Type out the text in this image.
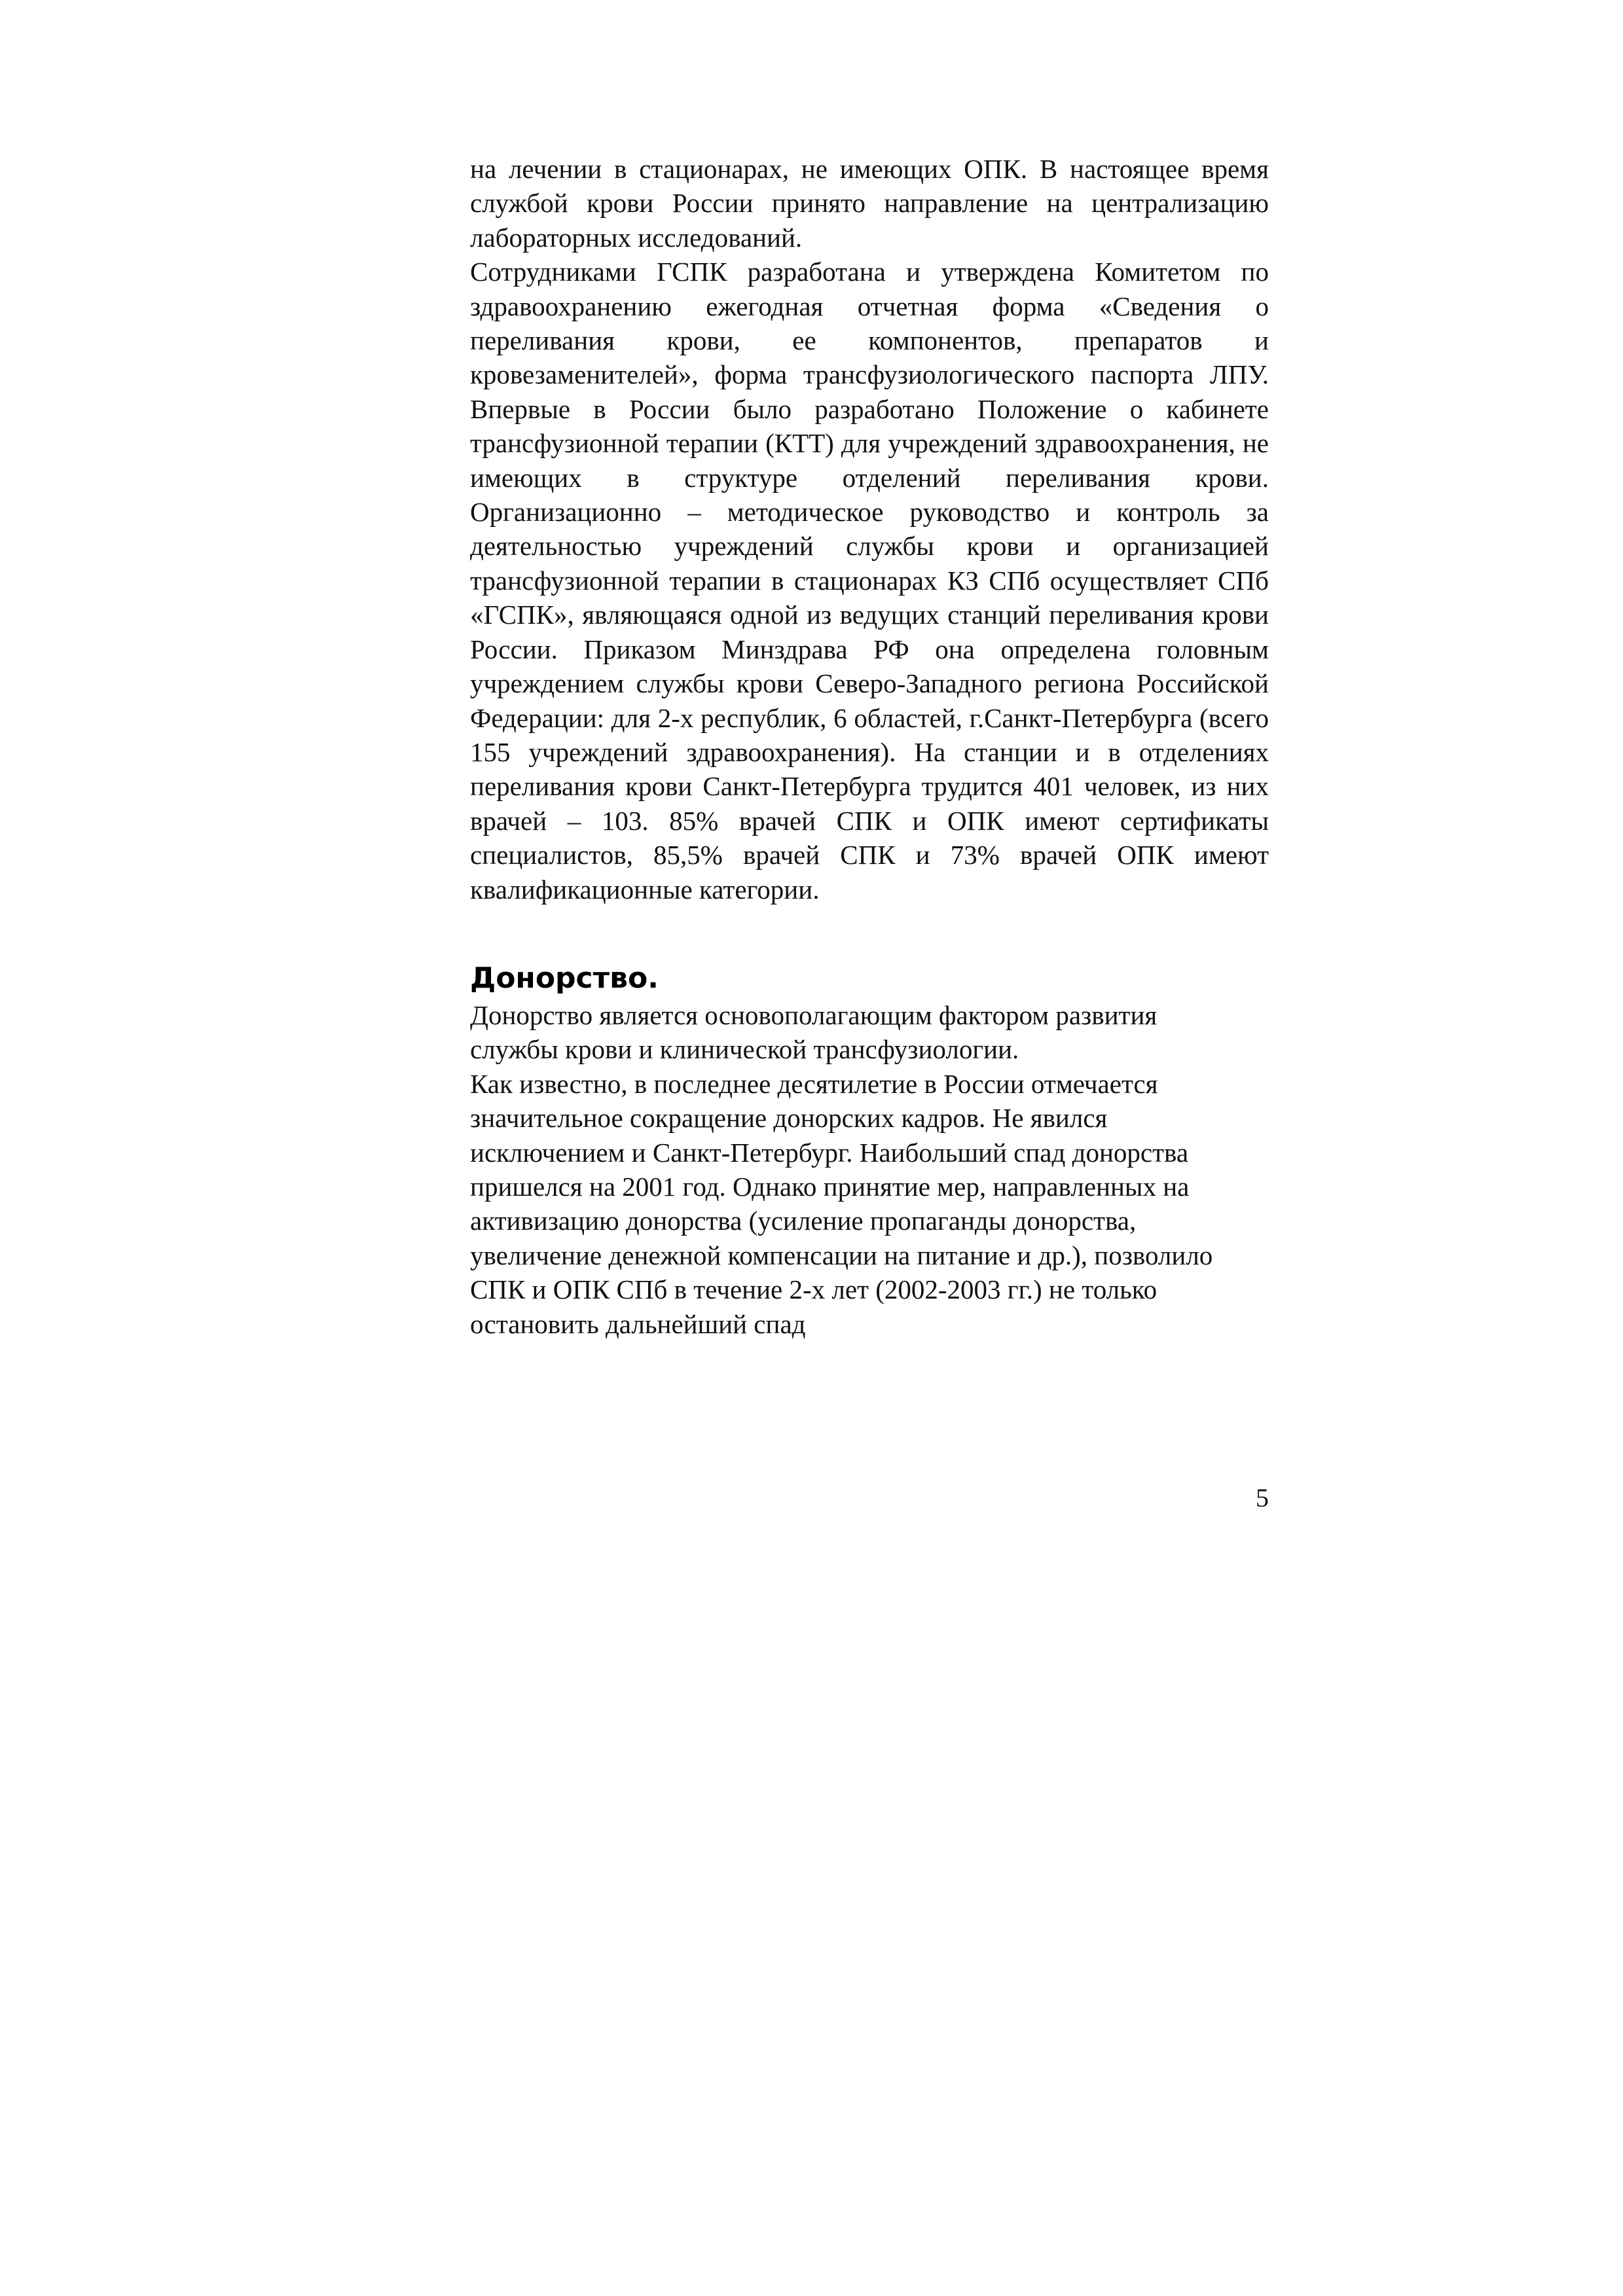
на лечении в стационарах, не имеющих ОПК. В настоящее время службой крови России принято направление на централизацию лабораторных исследований.

Сотрудниками ГСПК разработана и утверждена Комитетом по здравоохранению ежегодная отчетная форма «Сведения о переливания крови, ее компонентов, препаратов и кровезаменителей», форма трансфузиологического паспорта ЛПУ. Впервые в России было разработано Положение о кабинете трансфузионной терапии (КТТ) для учреждений здравоохранения, не имеющих в структуре отделений переливания крови. Организационно – методическое руководство и контроль за деятельностью учреждений службы крови и организацией трансфузионной терапии в стационарах КЗ СПб осуществляет СПб «ГСПК», являющаяся одной из ведущих станций переливания крови России. Приказом Минздрава РФ она определена головным учреждением службы крови Северо-Западного региона Российской Федерации: для 2-х республик, 6 областей, г.Санкт-Петербурга (всего 155 учреждений здравоохранения). На станции и в отделениях переливания крови Санкт-Петербурга трудится 401 человек, из них врачей – 103. 85% врачей СПК и ОПК имеют сертификаты специалистов, 85,5% врачей СПК и 73% врачей ОПК имеют квалификационные категории.

Донорство.

Донорство является основополагающим фактором развития службы крови и клинической трансфузиологии.

Как известно, в последнее десятилетие в России отмечается значительное сокращение донорских кадров. Не явился исключением и Санкт-Петербург. Наибольший спад донорства пришелся на 2001 год. Однако принятие мер, направленных на активизацию донорства (усиление пропаганды донорства, увеличение денежной компенсации на питание и др.), позволило СПК и ОПК СПб в течение 2-х лет (2002-2003 гг.) не только остановить дальнейший спад

5
